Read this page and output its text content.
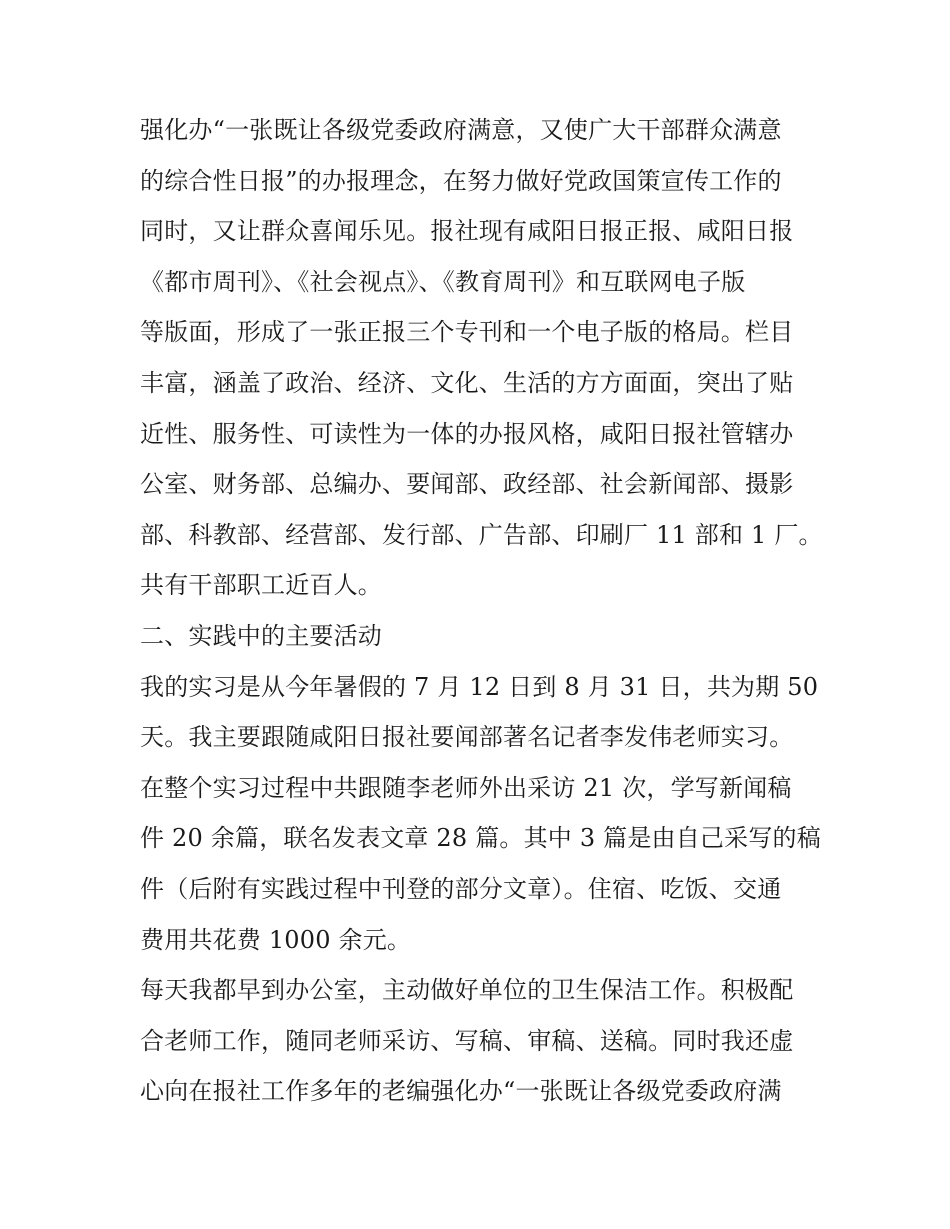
强化办“一张既让各级党委政府满意，又使广大干部群众满意
的综合性日报”的办报理念，在努力做好党政国策宣传工作的
同时，又让群众喜闻乐见。报社现有咸阳日报正报、咸阳日报
《都市周刊》、《社会视点》、《教育周刊》和互联网电子版
等版面，形成了一张正报三个专刊和一个电子版的格局。栏目
丰富，涵盖了政治、经济、文化、生活的方方面面，突出了贴
近性、服务性、可读性为一体的办报风格，咸阳日报社管辖办
公室、财务部、总编办、要闻部、政经部、社会新闻部、摄影
部、科教部、经营部、发行部、广告部、印刷厂 11 部和 1 厂。
共有干部职工近百人。
二、实践中的主要活动
我的实习是从今年暑假的 7 月 12 日到 8 月 31 日，共为期 50
天。我主要跟随咸阳日报社要闻部著名记者李发伟老师实习。
在整个实习过程中共跟随李老师外出采访 21 次，学写新闻稿
件 20 余篇，联名发表文章 28 篇。其中 3 篇是由自己采写的稿
件（后附有实践过程中刊登的部分文章）。住宿、吃饭、交通
费用共花费 1000 余元。
每天我都早到办公室，主动做好单位的卫生保洁工作。积极配
合老师工作，随同老师采访、写稿、审稿、送稿。同时我还虚
心向在报社工作多年的老编强化办“一张既让各级党委政府满
